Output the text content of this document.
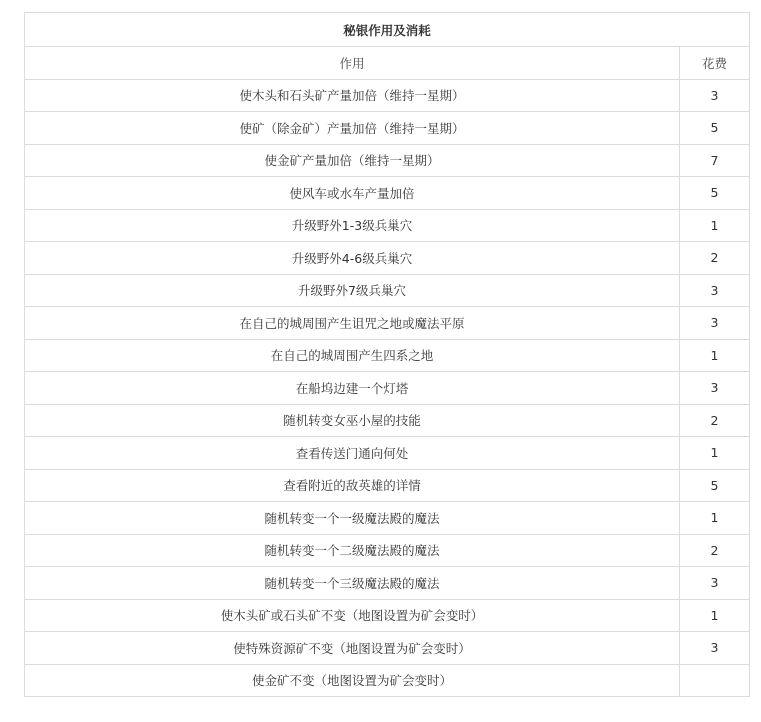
秘银作用及消耗	
作用	花费
使木头和石头矿产量加倍（维持一星期）	3
使矿（除金矿）产量加倍（维持一星期）	5
使金矿产量加倍（维持一星期）	7
使风车或水车产量加倍	5
升级野外1-3级兵巢穴	1
升级野外4-6级兵巢穴	2
升级野外7级兵巢穴	3
在自己的城周围产生诅咒之地或魔法平原	3
在自己的城周围产生四系之地	1
在船坞边建一个灯塔	3
随机转变女巫小屋的技能	2
查看传送门通向何处	1
查看附近的敌英雄的详情	5
随机转变一个一级魔法殿的魔法	1
随机转变一个二级魔法殿的魔法	2
随机转变一个三级魔法殿的魔法	3
使木头矿或石头矿不变（地图设置为矿会变时）	1
使特殊资源矿不变（地图设置为矿会变时）	3
使金矿不变（地图设置为矿会变时）	
